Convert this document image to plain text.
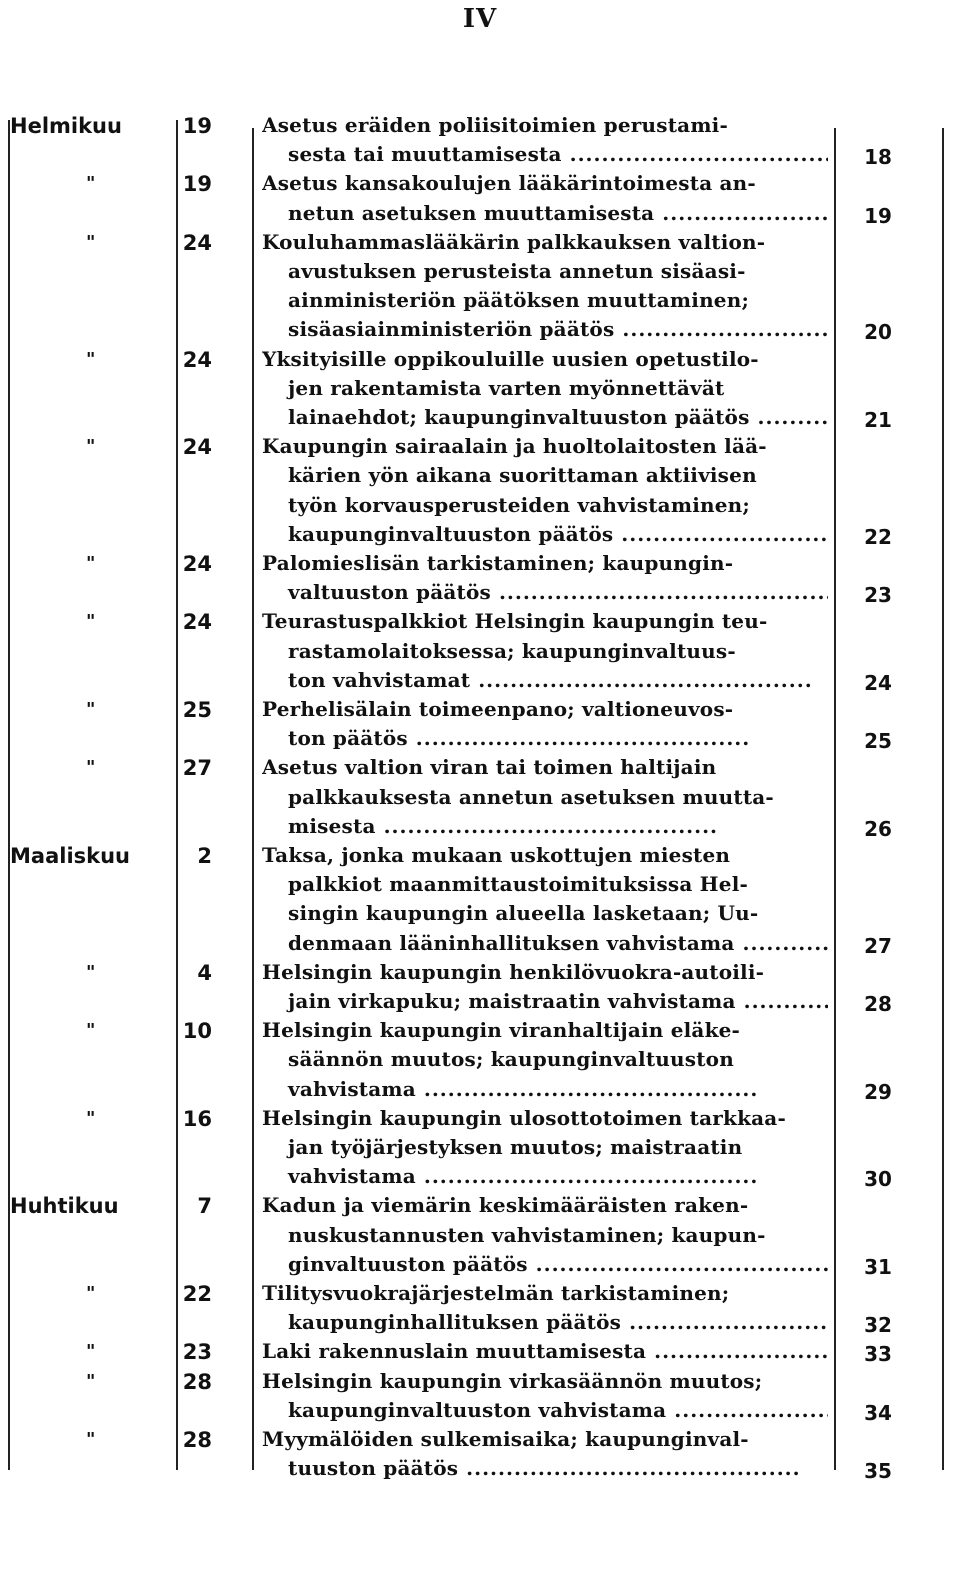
IV
Helmikuu	19	Asetus eräiden poliisitoimien perustami-
sesta tai muuttamisesta .....	18
"	19	Asetus kansakoulujen lääkärintoimesta an-
netun asetuksen muuttamisesta .....	19
"	24	Kouluhammaslääkärin palkkauksen valtion-
avustuksen perusteista annetun sisäasi-
ainministeriön päätöksen muuttaminen;
sisäasiainministeriön päätös .....	20
"	24	Yksityisille oppikouluille uusien opetustilo-
jen rakentamista varten myönnettävät
lainaehdot; kaupunginvaltuuston päätös .....	21
"	24	Kaupungin sairaalain ja huoltolaitosten lää-
kärien yön aikana suorittaman aktiivisen
työn korvausperusteiden vahvistaminen;
kaupunginvaltuuston päätös .....	22
"	24	Palomieslisän tarkistaminen; kaupungin-
valtuuston päätös .....	23
"	24	Teurastuspalkkiot Helsingin kaupungin teu-
rastamolaitoksessa; kaupunginvaltuus-
ton vahvistamat .....	24
"	25	Perhelisälain toimeenpano; valtioneuvos-
ton päätös .....	25
"	27	Asetus valtion viran tai toimen haltijain
palkkauksesta annetun asetuksen muutta-
misesta .....	26
Maaliskuu	2	Taksa, jonka mukaan uskottujen miesten
palkkiot maanmittaustoimituksissa Hel-
singin kaupungin alueella lasketaan; Uu-
denmaan lääninhallituksen vahvistama .....	27
"	4	Helsingin kaupungin henkilövuokra-autoili-
jain virkapuku; maistraatin vahvistama .....	28
"	10	Helsingin kaupungin viranhaltijain eläke-
säännön muutos; kaupunginvaltuuston
vahvistama .....	29
"	16	Helsingin kaupungin ulosottotoimen tarkkaa-
jan työjärjestyksen muutos; maistraatin
vahvistama .....	30
Huhtikuu	7	Kadun ja viemärin keskimääräisten raken-
nuskustannusten vahvistaminen; kaupun-
ginvaltuuston päätös .....	31
"	22	Tilitysvuokrajärjestelmän tarkistaminen;
kaupunginhallituksen päätös .....	32
"	23	Laki rakennuslain muuttamisesta .....	33
"	28	Helsingin kaupungin virkasäännön muutos;
kaupunginvaltuuston vahvistama .....	34
"	28	Myymälöiden sulkemisaika; kaupunginval-
tuuston päätös .....	35
